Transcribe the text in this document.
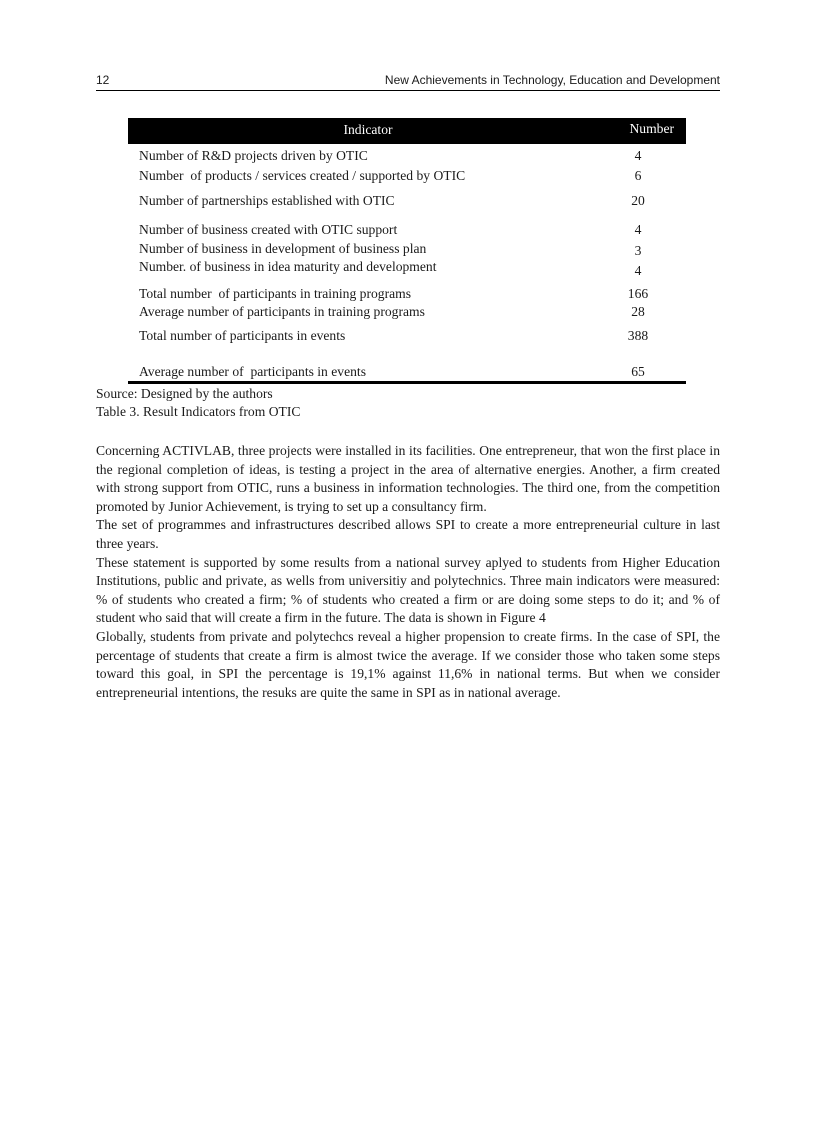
12	New Achievements in Technology, Education and Development
Indicator	Number
Number of R&D projects driven by OTIC	4
Number  of products / services created / supported by OTIC	6
Number of partnerships established with OTIC	20
Number of business created with OTIC support	4
Number of business in development of business plan	3
Number. of business in idea maturity and development	4
Total number  of participants in training programs	166
Average number of participants in training programs	28
Total number of participants in events	388
Average number of  participants in events	65
Source: Designed by the authors
Table 3. Result Indicators from OTIC

Concerning ACTIVLAB, three projects were installed in its facilities. One entrepreneur, that won the first place in the regional completion of ideas, is testing a project in the area of alternative energies. Another, a firm created with strong support from OTIC, runs a business in information technologies. The third one, from the competition promoted by Junior Achievement, is trying to set up a consultancy firm.

The set of programmes and infrastructures described allows SPI to create a more entrepreneurial culture in last three years.

These statement is supported by some results from a national survey aplyed to students from Higher Education Institutions, public and private, as wells from universitiy and polytechnics. Three main indicators were measured: % of students who created a firm; % of students who created a firm or are doing some steps to do it; and % of student who said that will create a firm in the future. The data is shown in Figure 4

Globally, students from private and polytechcs reveal a higher propension to create firms. In the case of SPI, the percentage of students that create a firm is almost twice the average. If we consider those who taken some steps toward this goal, in SPI the percentage is 19,1% against 11,6% in national terms. But when we consider entrepreneurial intentions, the resuks are quite the same in SPI as in national average.
